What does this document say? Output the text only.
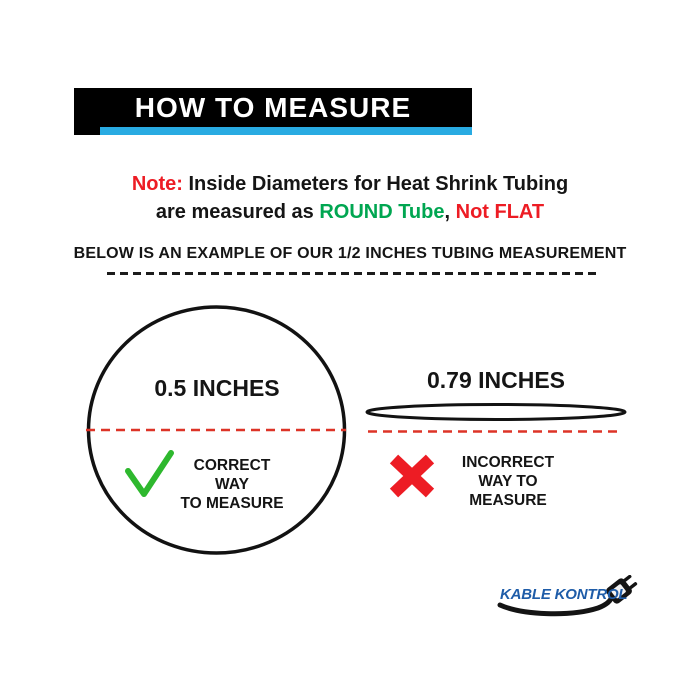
HOW TO MEASURE
Note: Inside Diameters for Heat Shrink Tubing
are measured as ROUND Tube, Not FLAT
BELOW IS AN EXAMPLE OF OUR 1/2 INCHES TUBING MEASUREMENT
0.5 INCHES	0.79 INCHES
CORRECT WAY
TO MEASURE
INCORRECT
WAY TO
MEASURE
KABLE KONTROL
